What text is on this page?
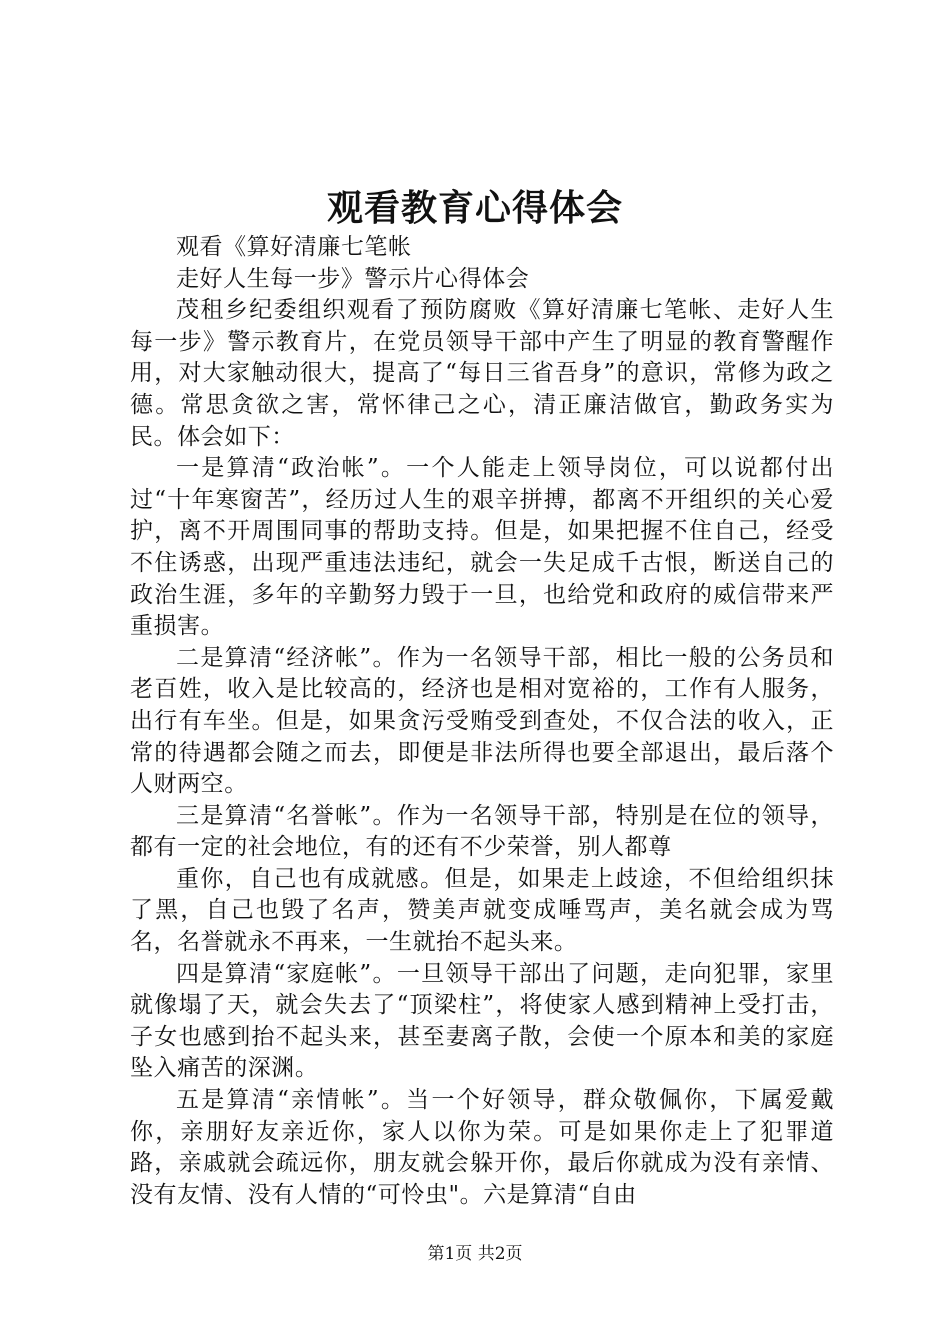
观看教育心得体会

观看《算好清廉七笔帐

走好人生每一步》警示片心得体会

茂租乡纪委组织观看了预防腐败《算好清廉七笔帐、走好人生每一步》警示教育片，在党员领导干部中产生了明显的教育警醒作用，对大家触动很大，提高了“每日三省吾身”的意识，常修为政之德。常思贪欲之害，常怀律己之心，清正廉洁做官，勤政务实为民。体会如下：

一是算清“政治帐”。一个人能走上领导岗位，可以说都付出过“十年寒窗苦”，经历过人生的艰辛拼搏，都离不开组织的关心爱护，离不开周围同事的帮助支持。但是，如果把握不住自己，经受不住诱惑，出现严重违法违纪，就会一失足成千古恨，断送自己的政治生涯，多年的辛勤努力毁于一旦，也给党和政府的威信带来严重损害。

二是算清“经济帐”。作为一名领导干部，相比一般的公务员和老百姓，收入是比较高的，经济也是相对宽裕的，工作有人服务，出行有车坐。但是，如果贪污受贿受到查处，不仅合法的收入，正常的待遇都会随之而去，即便是非法所得也要全部退出，最后落个人财两空。

三是算清“名誉帐”。作为一名领导干部，特别是在位的领导，都有一定的社会地位，有的还有不少荣誉，别人都尊

重你，自己也有成就感。但是，如果走上歧途，不但给组织抹了黑，自己也毁了名声，赞美声就变成唾骂声，美名就会成为骂名，名誉就永不再来，一生就抬不起头来。

四是算清“家庭帐”。一旦领导干部出了问题，走向犯罪，家里就像塌了天，就会失去了“顶梁柱”，将使家人感到精神上受打击，子女也感到抬不起头来，甚至妻离子散，会使一个原本和美的家庭坠入痛苦的深渊。

五是算清“亲情帐”。当一个好领导，群众敬佩你，下属爱戴你，亲朋好友亲近你，家人以你为荣。可是如果你走上了犯罪道路，亲戚就会疏远你，朋友就会躲开你，最后你就成为没有亲情、没有友情、没有人情的“可怜虫"。六是算清“自由

第1页 共2页
